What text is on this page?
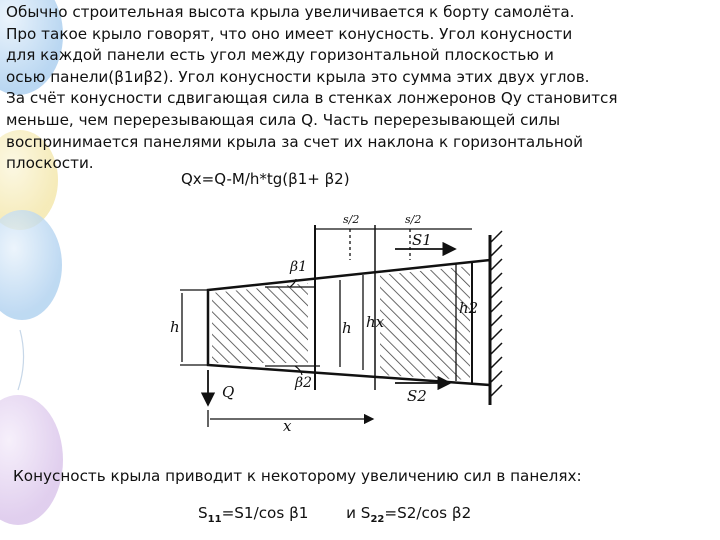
Обычно строительная высота крыла увеличивается к борту самолёта.

Про такое крыло говорят, что оно имеет конусность. Угол конусности

для каждой панели есть угол между горизонтальной плоскостью и

осью панели(β1иβ2). Угол конусности крыла это сумма этих двух углов.

За счёт конусности сдвигающая сила в стенках лонжеронов Qy становится

меньше, чем перерезывающая сила Q. Часть перерезывающей силы

воспринимается панелями крыла за счет их наклона к горизонтальной

плоскости.

Qx=Q-M/h*tg(β1+ β2)
s/2	s/2
S1
β1
β2
h	h hx
h2
S2
Q
x
Конусность крыла приводит к некоторому увеличению сил в панелях:
$S_{11}=S1/\cos$ β1 и $S_{22}=S2/\cos$ β2
